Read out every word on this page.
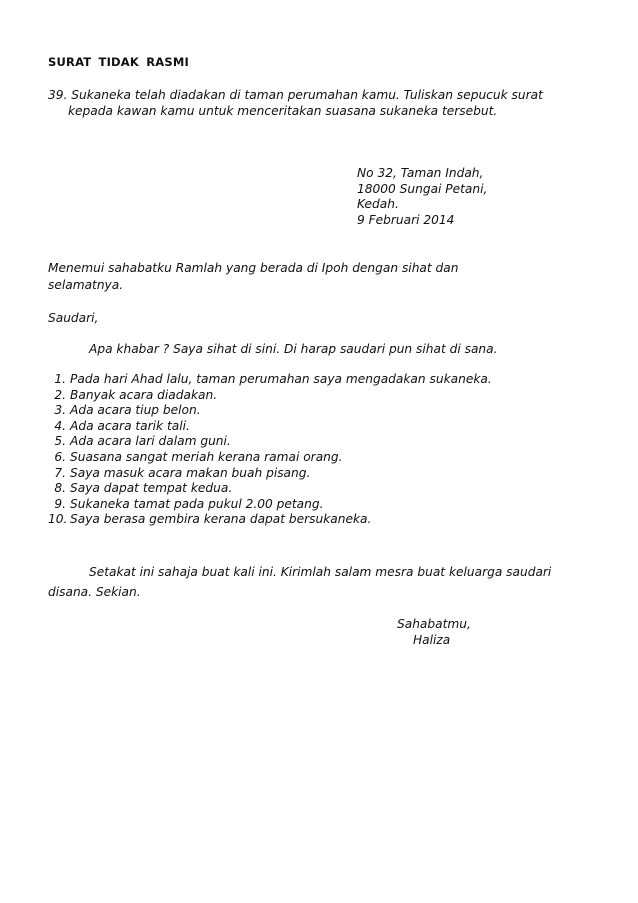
SURAT TIDAK RASMI
39. Sukaneka telah diadakan di taman perumahan kamu. Tuliskan sepucuk surat
kepada kawan kamu untuk menceritakan suasana sukaneka tersebut.
No 32, Taman Indah,
18000 Sungai Petani,
Kedah.
9 Februari 2014
Menemui sahabatku Ramlah yang berada di Ipoh dengan sihat dan
selamatnya.
Saudari,
Apa khabar ? Saya sihat di sini. Di harap saudari pun sihat di sana.
1. Pada hari Ahad lalu, taman perumahan saya mengadakan sukaneka.
2. Banyak acara diadakan.
3. Ada acara tiup belon.
4. Ada acara tarik tali.
5. Ada acara lari dalam guni.
6. Suasana sangat meriah kerana ramai orang.
7. Saya masuk acara makan buah pisang.
8. Saya dapat tempat kedua.
9. Sukaneka tamat pada pukul 2.00 petang.
10. Saya berasa gembira kerana dapat bersukaneka.
Setakat ini sahaja buat kali ini. Kirimlah salam mesra buat keluarga saudari
disana. Sekian.
Sahabatmu,
Haliza
